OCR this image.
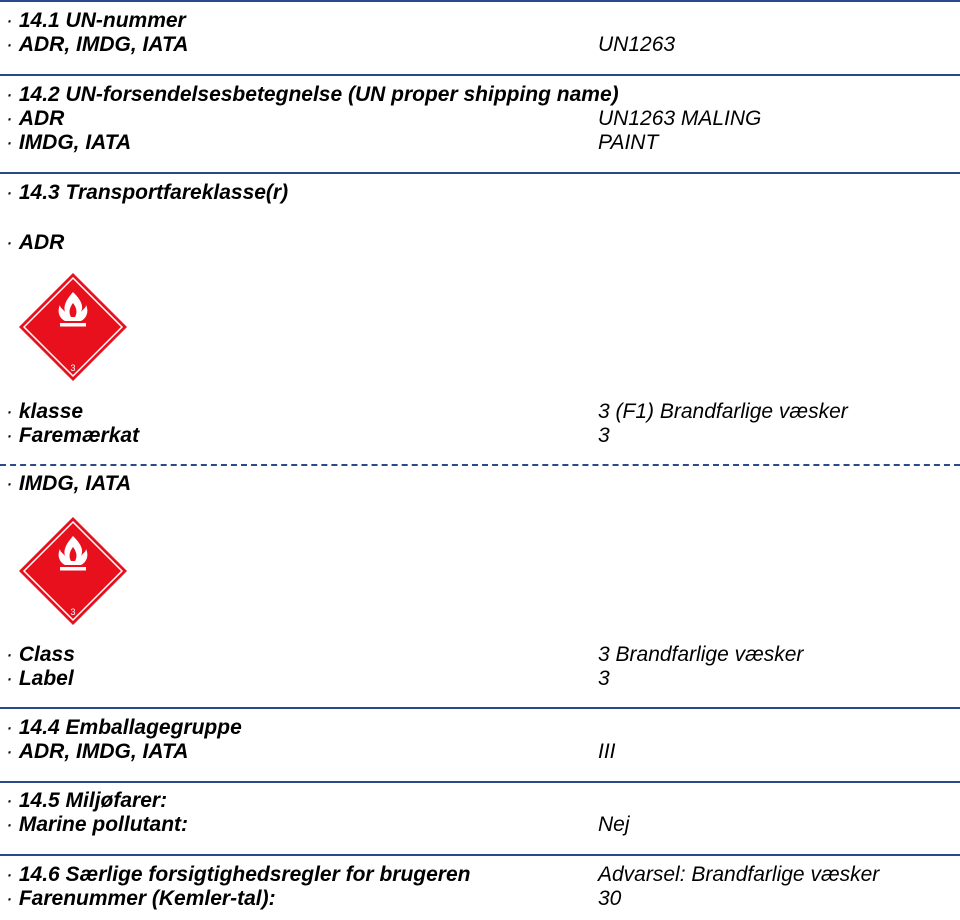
· 14.1 UN-nummer
· ADR, IMDG, IATA	UN1263
· 14.2 UN-forsendelsesbetegnelse (UN proper shipping name)
· ADR	UN1263 MALING
· IMDG, IATA	PAINT
· 14.3 Transportfareklasse(r)
· ADR
3
· klasse	3 (F1) Brandfarlige væsker
· Faremærkat	3
· IMDG, IATA
3
· Class	3 Brandfarlige væsker
· Label	3
· 14.4 Emballagegruppe
· ADR, IMDG, IATA	III
· 14.5 Miljøfarer:
· Marine pollutant:	Nej
· 14.6 Særlige forsigtighedsregler for brugeren	Advarsel: Brandfarlige væsker
· Farenummer (Kemler-tal):	30
